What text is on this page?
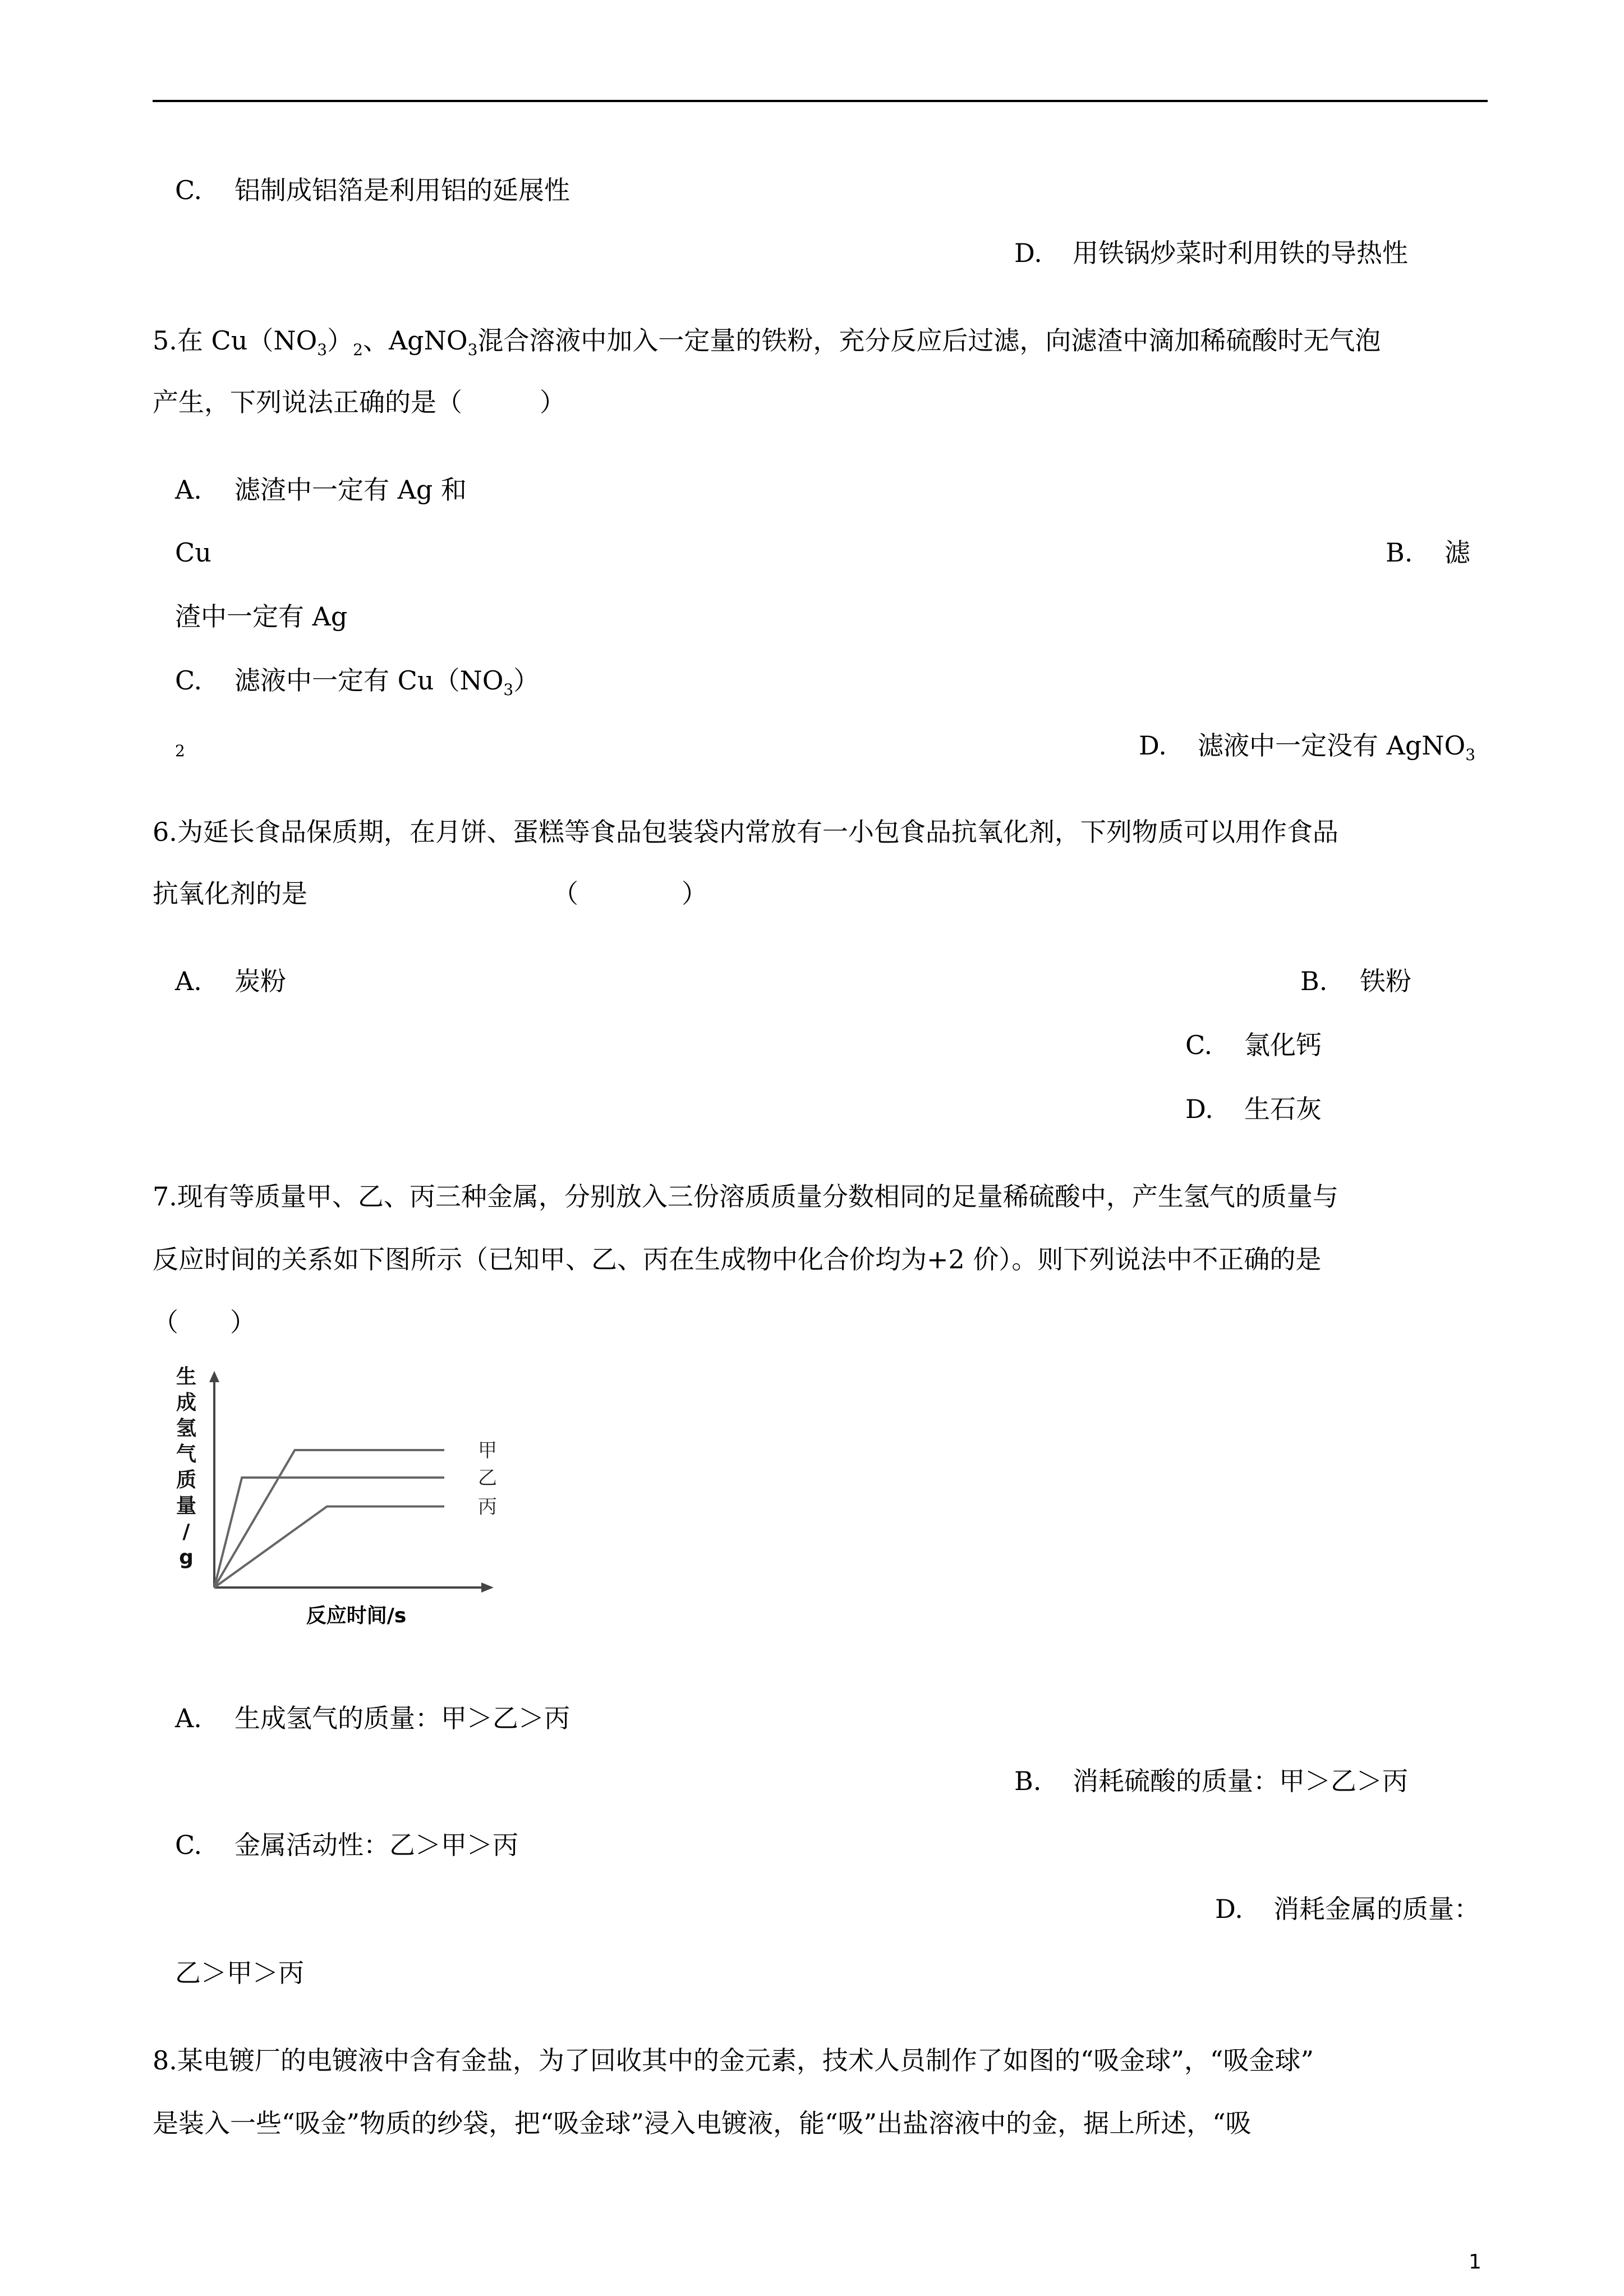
C. 铝制成铝箔是利用铝的延展性
D. 用铁锅炒菜时利用铁的导热性
5.在 $Cu(NO_3)_2$、AgNO$_3$混合溶液中加入一定量的铁粉，充分反应后过滤，向滤渣中滴加稀硫酸时无气泡
产生，下列说法正确的是（　　　）
A. 滤渣中一定有 Ag 和
Cu	B. 滤
渣中一定有 Ag
C. 滤液中一定有 $Cu(NO_3)$
2	D. 滤液中一定没有 AgNO$_3$
6.为延长食品保质期，在月饼、蛋糕等食品包装袋内常放有一小包食品抗氧化剂，下列物质可以用作食品
抗氧化剂的是　　　　　　　　　　（　　　　）
A. 炭粉	B. 铁粉
C. 氯化钙
D. 生石灰
7.现有等质量甲、乙、丙三种金属，分别放入三份溶质质量分数相同的足量稀硫酸中，产生氢气的质量与
反应时间的关系如下图所示（已知甲、乙、丙在生成物中化合价均为+2 价）。则下列说法中不正确的是
（　　）
生
成
氢
气
质
量
/
g
甲
乙
丙
反应时间/s
A. 生成氢气的质量：甲＞乙＞丙
B. 消耗硫酸的质量：甲＞乙＞丙
C. 金属活动性：乙＞甲＞丙
D. 消耗金属的质量：
乙＞甲＞丙
8.某电镀厂的电镀液中含有金盐，为了回收其中的金元素，技术人员制作了如图的“吸金球”，“吸金球”
是装入一些“吸金”物质的纱袋，把“吸金球”浸入电镀液，能“吸”出盐溶液中的金，据上所述，“吸
1
